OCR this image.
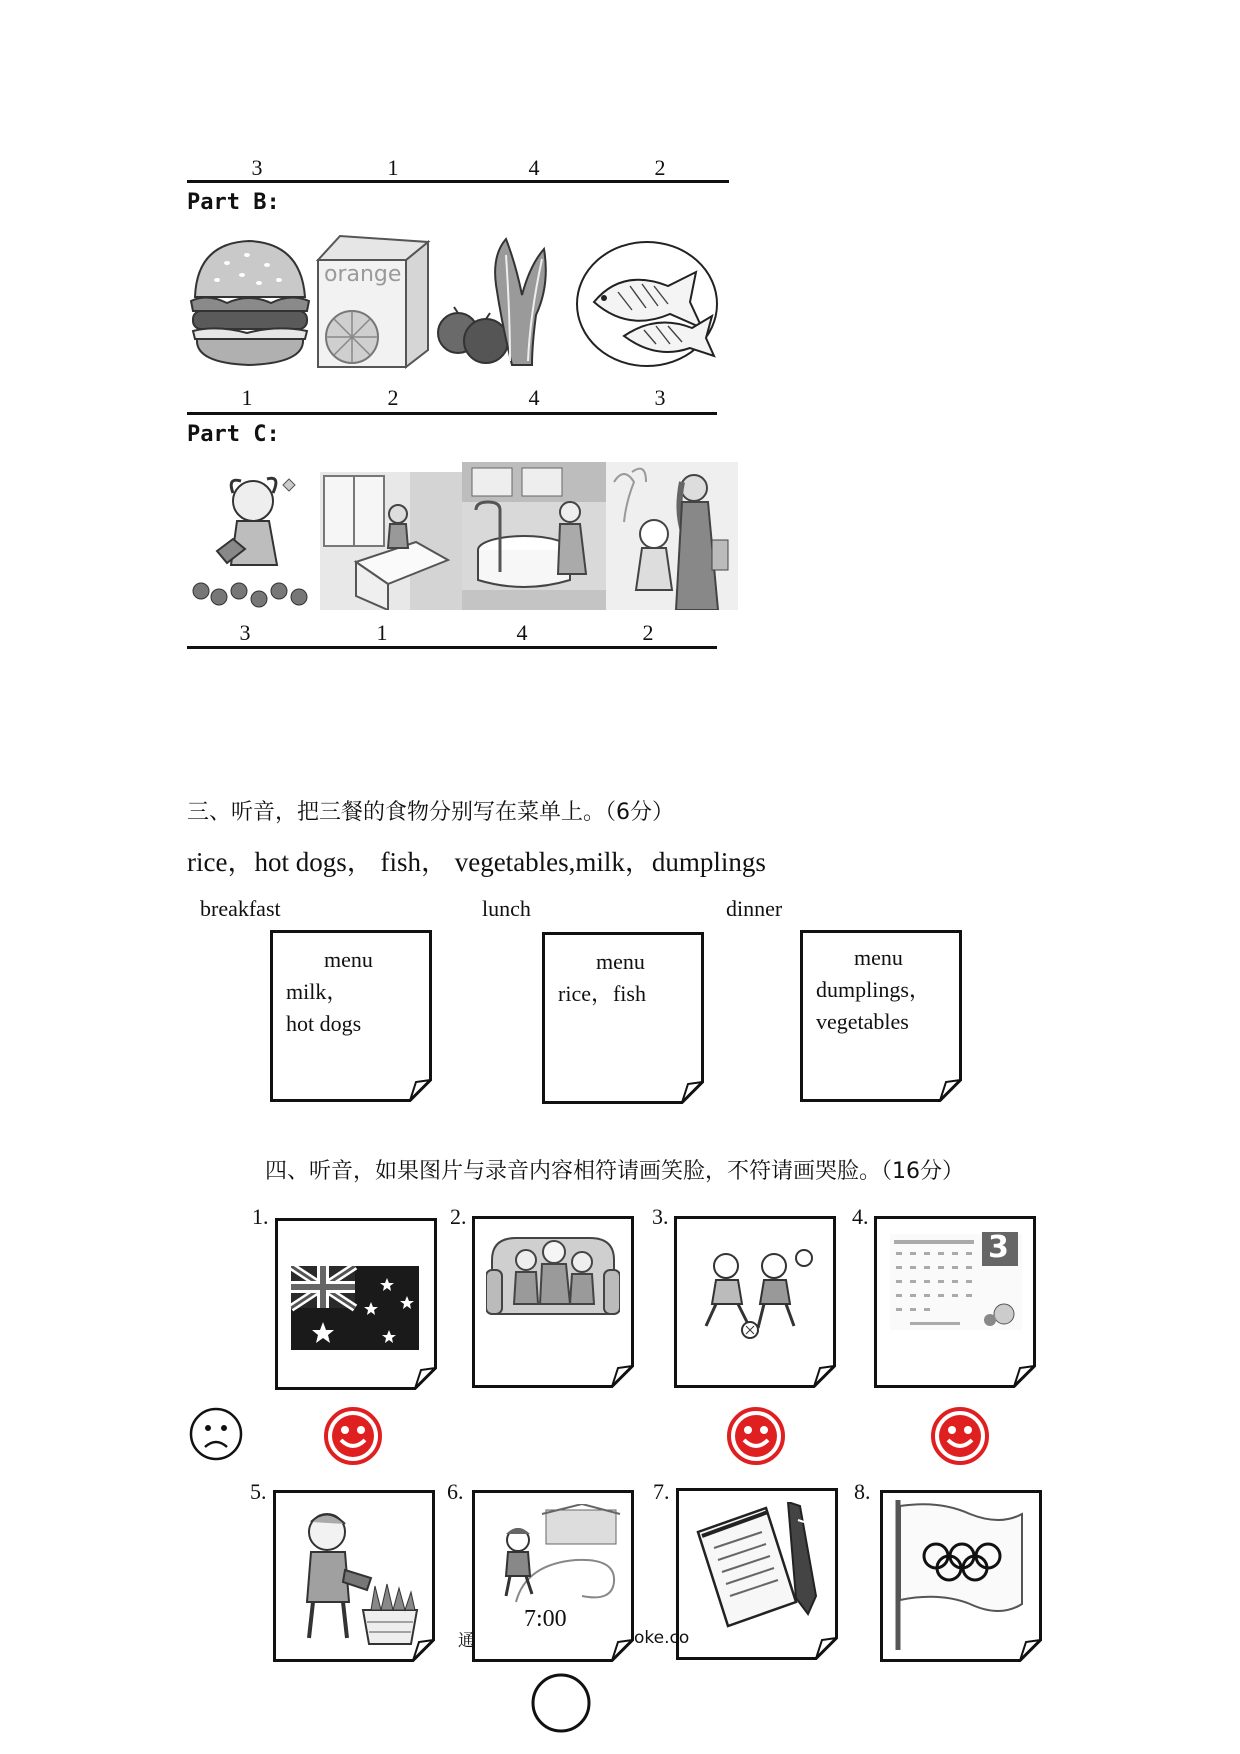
3	1	4	2
Part B:
orange
1	2	4	3
Part C:
3	1	4	2
三、听音，把三餐的食物分别写在菜单上。（6分）
rice，hot dogs， fish， vegetables,milk，dumplings
breakfast	lunch	dinner
menu
milk，
hot dogs
menu
rice，fish
menu
dumplings，
vegetables
四、听音，如果图片与录音内容相符请画笑脸，不符请画哭脸。（16分）
1.	2.	3.	4.
3
5.	6.
7:00
7.	8.
通	oke.co
